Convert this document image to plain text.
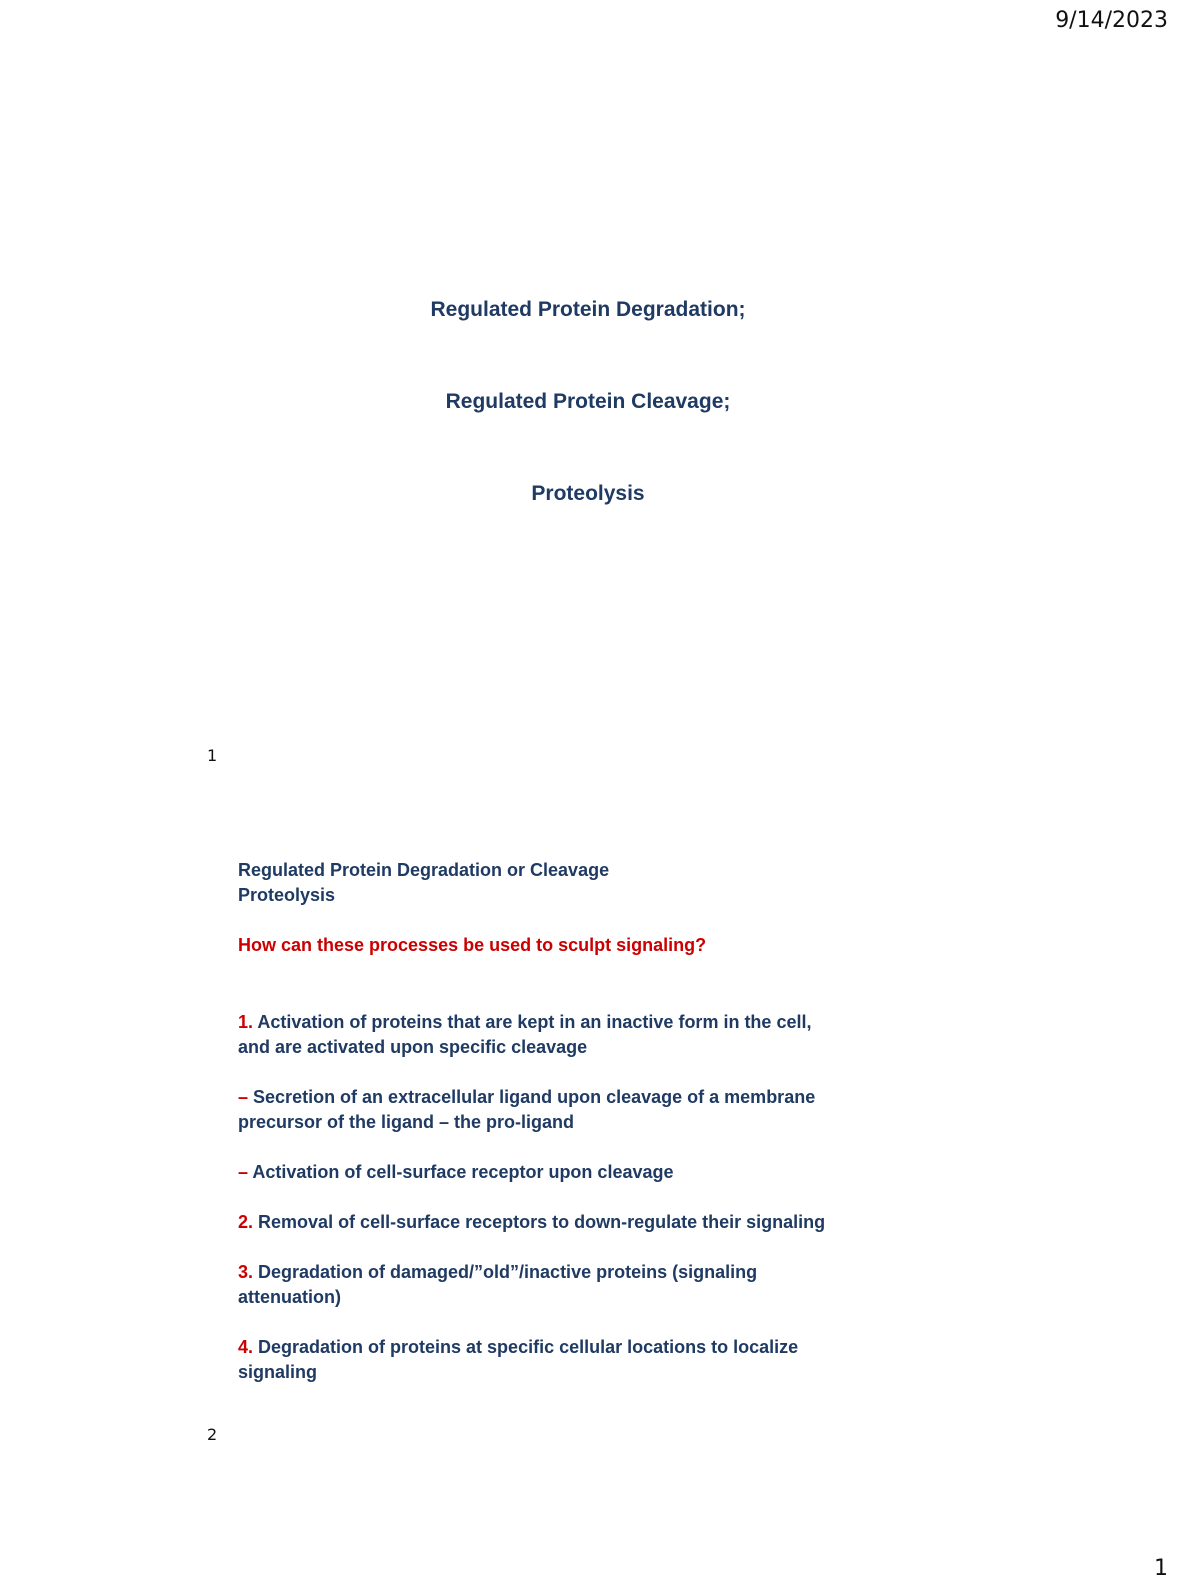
9/14/2023
Regulated Protein Degradation;
Regulated Protein Cleavage;
Proteolysis
1

Regulated Protein Degradation or Cleavage

Proteolysis

How can these processes be used to sculpt signaling?

1. Activation of proteins that are kept in an inactive form in the cell,
and are activated upon specific cleavage

– Secretion of an extracellular ligand upon cleavage of a membrane
precursor of the ligand – the pro-ligand

– Activation of cell-surface receptor upon cleavage

2. Removal of cell-surface receptors to down-regulate their signaling

3. Degradation of damaged/”old”/inactive proteins (signaling
attenuation)

4. Degradation of proteins at specific cellular locations to localize
signaling

2
1
